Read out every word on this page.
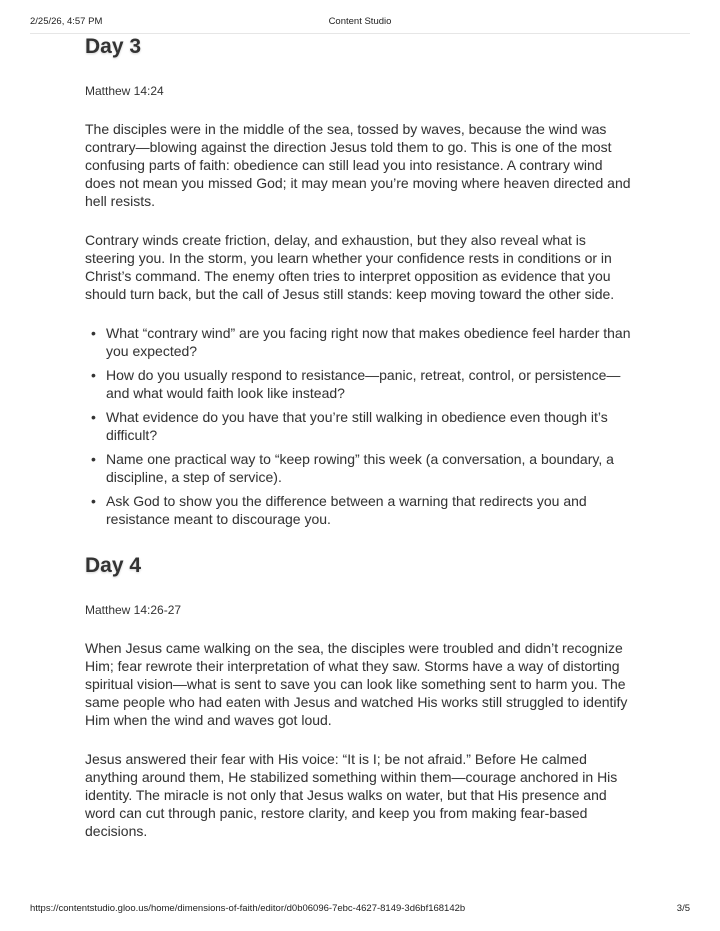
2/25/26, 4:57 PM	Content Studio
Day 3

Matthew 14:24

The disciples were in the middle of the sea, tossed by waves, because the wind was contrary—blowing against the direction Jesus told them to go. This is one of the most confusing parts of faith: obedience can still lead you into resistance. A contrary wind does not mean you missed God; it may mean you’re moving where heaven directed and hell resists.

Contrary winds create friction, delay, and exhaustion, but they also reveal what is steering you. In the storm, you learn whether your confidence rests in conditions or in Christ’s command. The enemy often tries to interpret opposition as evidence that you should turn back, but the call of Jesus still stands: keep moving toward the other side.

• What “contrary wind” are you facing right now that makes obedience feel harder than you expected?
• How do you usually respond to resistance—panic, retreat, control, or persistence—and what would faith look like instead?
• What evidence do you have that you’re still walking in obedience even though it’s difficult?
• Name one practical way to “keep rowing” this week (a conversation, a boundary, a discipline, a step of service).
• Ask God to show you the difference between a warning that redirects you and resistance meant to discourage you.
Day 4

Matthew 14:26-27

When Jesus came walking on the sea, the disciples were troubled and didn’t recognize Him; fear rewrote their interpretation of what they saw. Storms have a way of distorting spiritual vision—what is sent to save you can look like something sent to harm you. The same people who had eaten with Jesus and watched His works still struggled to identify Him when the wind and waves got loud.

Jesus answered their fear with His voice: “It is I; be not afraid.” Before He calmed anything around them, He stabilized something within them—courage anchored in His identity. The miracle is not only that Jesus walks on water, but that His presence and word can cut through panic, restore clarity, and keep you from making fear-based decisions.

https://contentstudio.gloo.us/home/dimensions-of-faith/editor/d0b06096-7ebc-4627-8149-3d6bf168142b	3/5
